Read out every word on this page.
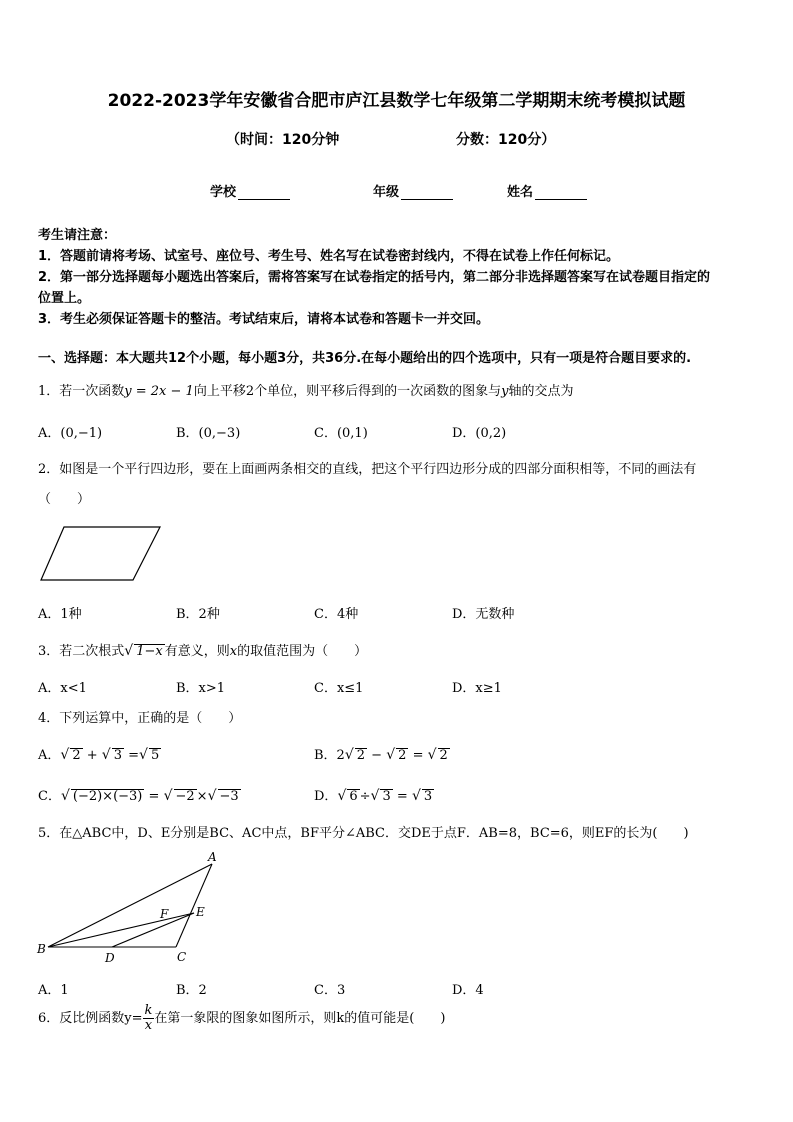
2022-2023学年安徽省合肥市庐江县数学七年级第二学期期末统考模拟试题
（时间：120分钟	分数：120分）
学校	年级	姓名
考生请注意：
1．答题前请将考场、试室号、座位号、考生号、姓名写在试卷密封线内，不得在试卷上作任何标记。
2．第一部分选择题每小题选出答案后，需将答案写在试卷指定的括号内，第二部分非选择题答案写在试卷题目指定的
位置上。
3．考生必须保证答题卡的整洁。考试结束后，请将本试卷和答题卡一并交回。
一、选择题：本大题共12个小题，每小题3分，共36分.在每小题给出的四个选项中，只有一项是符合题目要求的.
1．若一次函数y = 2x − 1向上平移2个单位，则平移后得到的一次函数的图象与y轴的交点为
A．(0,−1)	B．(0,−3)	C．(0,1)	D．(0,2)
2．如图是一个平行四边形，要在上面画两条相交的直线，把这个平行四边形分成的四部分面积相等，不同的画法有
（　　）
A．1种	B．2种	C．4种	D．无数种
3．若二次根式√ 1−x 有意义，则x的取值范围为（　　）
A．x<1	B．x>1	C．x≤1	D．x≥1
4．下列运算中，正确的是（　　）
A．√ 2 + √ 3 =√ 5	B．2√ 2 − √ 2 = √ 2
C．√ (−2)×(−3) = √ −2 ×√ −3	D．√ 6 ÷√ 3 = √ 3
5．在△ABC中，D、E分别是BC、AC中点，BF平分∠ABC．交DE于点F．AB=8，BC=6，则EF的长为(　　)
A
B
C
D
E
F
A．1	B．2	C．3	D．4
6．反比例函数$y= \frac{k}{x}$ 在第一象限的图象如图所示，则k的值可能是(　　)
